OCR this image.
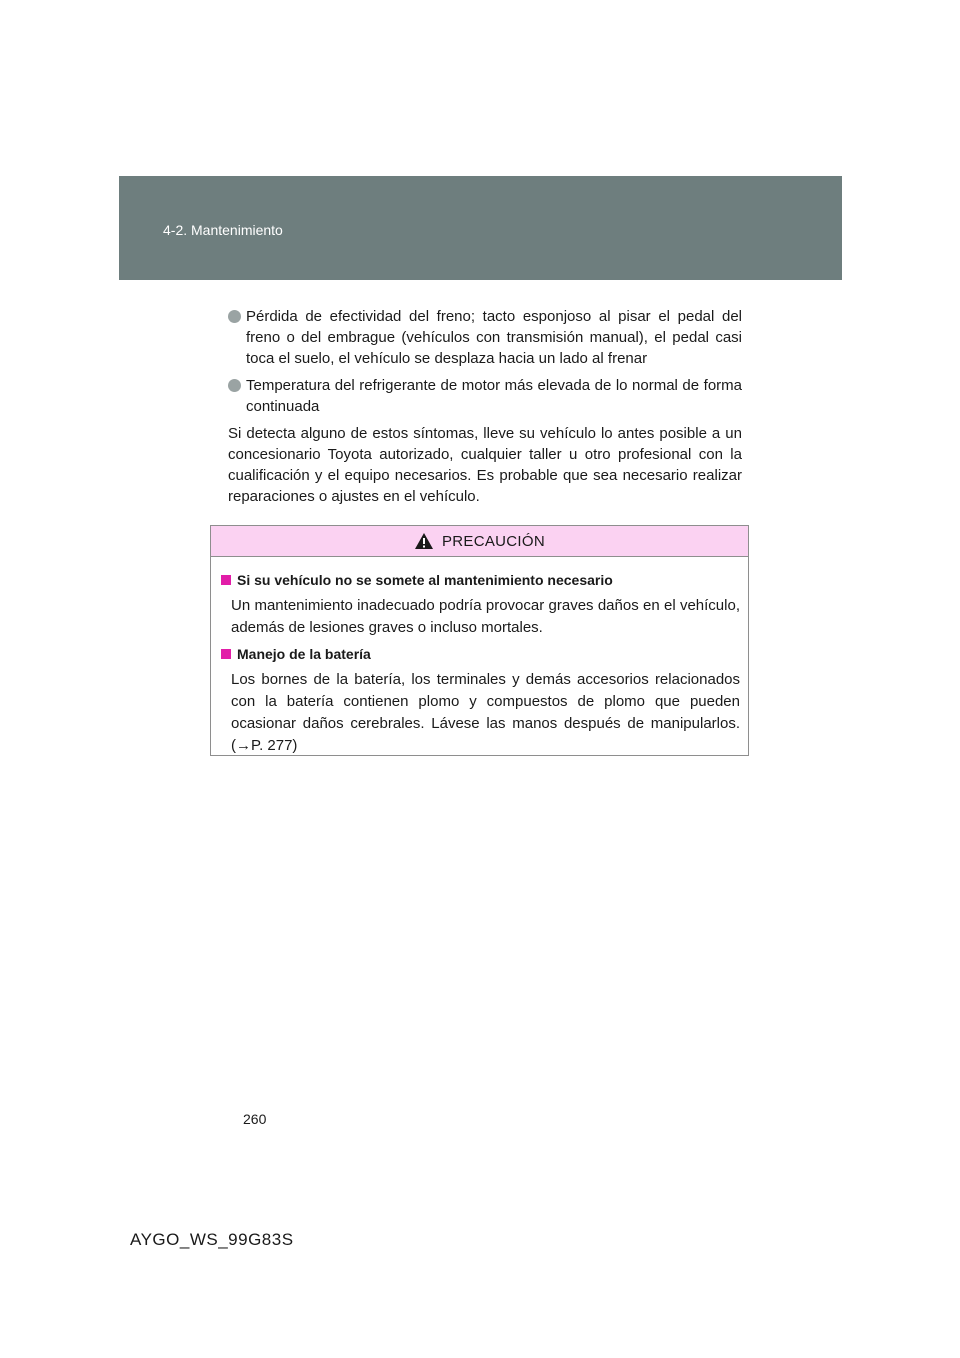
4-2. Mantenimiento
Pérdida de efectividad del freno; tacto esponjoso al pisar el pedal del freno o del embrague (vehículos con transmisión manual), el pedal casi toca el suelo, el vehículo se desplaza hacia un lado al frenar
Temperatura del refrigerante de motor más elevada de lo normal de forma continuada
Si detecta alguno de estos síntomas, lleve su vehículo lo antes posible a un concesionario Toyota autorizado, cualquier taller u otro profesional con la cualificación y el equipo necesarios. Es probable que sea necesario realizar reparaciones o ajustes en el vehículo.
PRECAUCIÓN
Si su vehículo no se somete al mantenimiento necesario
Un mantenimiento inadecuado podría provocar graves daños en el vehículo, además de lesiones graves o incluso mortales.
Manejo de la batería
Los bornes de la batería, los terminales y demás accesorios relacionados con la batería contienen plomo y compuestos de plomo que pueden ocasionar daños cerebrales. Lávese las manos después de manipularlos. (→P. 277)
260
AYGO_WS_99G83S
